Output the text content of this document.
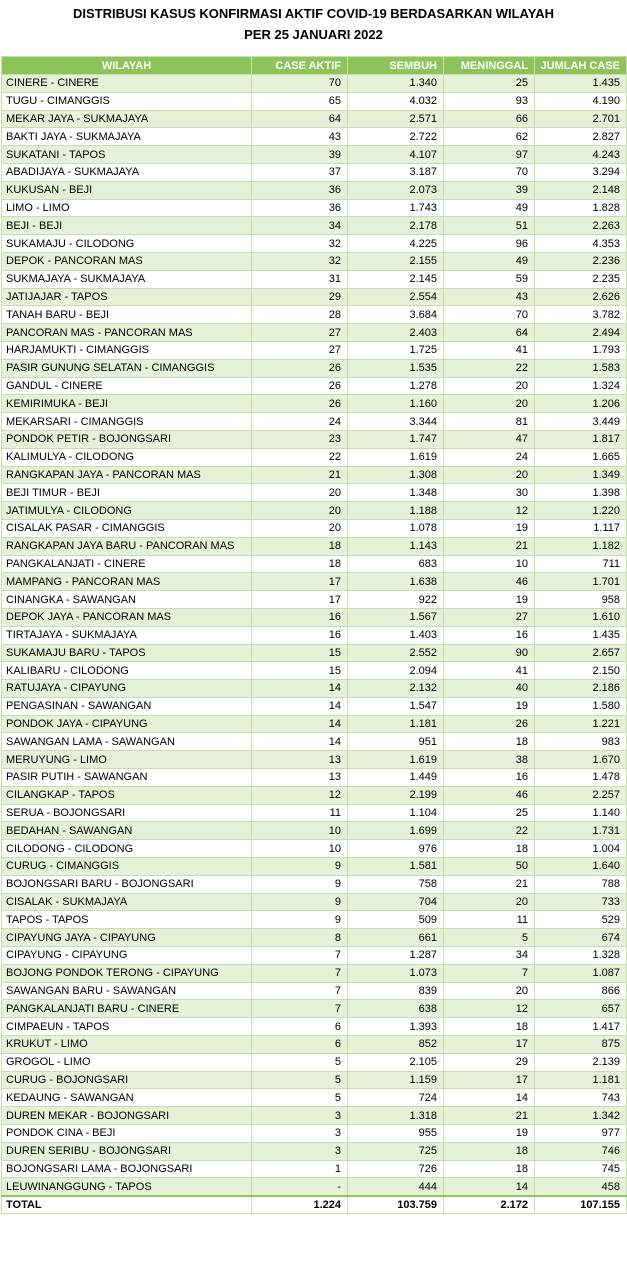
DISTRIBUSI KASUS KONFIRMASI AKTIF COVID-19 BERDASARKAN WILAYAH
PER 25 JANUARI 2022
WILAYAH	CASE AKTIF	SEMBUH	MENINGGAL	JUMLAH CASE
CINERE - CINERE	70	1.340	25	1.435
TUGU - CIMANGGIS	65	4.032	93	4.190
MEKAR JAYA - SUKMAJAYA	64	2.571	66	2.701
BAKTI JAYA - SUKMAJAYA	43	2.722	62	2.827
SUKATANI - TAPOS	39	4.107	97	4.243
ABADIJAYA - SUKMAJAYA	37	3.187	70	3.294
KUKUSAN - BEJI	36	2.073	39	2.148
LIMO - LIMO	36	1.743	49	1.828
BEJI - BEJI	34	2.178	51	2.263
SUKAMAJU - CILODONG	32	4.225	96	4.353
DEPOK - PANCORAN MAS	32	2.155	49	2.236
SUKMAJAYA - SUKMAJAYA	31	2.145	59	2.235
JATIJAJAR - TAPOS	29	2.554	43	2.626
TANAH BARU - BEJI	28	3.684	70	3.782
PANCORAN MAS - PANCORAN MAS	27	2.403	64	2.494
HARJAMUKTI - CIMANGGIS	27	1.725	41	1.793
PASIR GUNUNG SELATAN - CIMANGGIS	26	1.535	22	1.583
GANDUL - CINERE	26	1.278	20	1.324
KEMIRIMUKA - BEJI	26	1.160	20	1.206
MEKARSARI - CIMANGGIS	24	3.344	81	3.449
PONDOK PETIR - BOJONGSARI	23	1.747	47	1.817
KALIMULYA - CILODONG	22	1.619	24	1.665
RANGKAPAN JAYA - PANCORAN MAS	21	1.308	20	1.349
BEJI TIMUR - BEJI	20	1.348	30	1.398
JATIMULYA - CILODONG	20	1.188	12	1.220
CISALAK PASAR - CIMANGGIS	20	1.078	19	1.117
RANGKAPAN JAYA BARU - PANCORAN MAS	18	1.143	21	1.182
PANGKALANJATI - CINERE	18	683	10	711
MAMPANG - PANCORAN MAS	17	1.638	46	1.701
CINANGKA - SAWANGAN	17	922	19	958
DEPOK JAYA - PANCORAN MAS	16	1.567	27	1.610
TIRTAJAYA - SUKMAJAYA	16	1.403	16	1.435
SUKAMAJU BARU - TAPOS	15	2.552	90	2.657
KALIBARU - CILODONG	15	2.094	41	2.150
RATUJAYA - CIPAYUNG	14	2.132	40	2.186
PENGASINAN - SAWANGAN	14	1.547	19	1.580
PONDOK JAYA - CIPAYUNG	14	1.181	26	1.221
SAWANGAN LAMA - SAWANGAN	14	951	18	983
MERUYUNG - LIMO	13	1.619	38	1.670
PASIR PUTIH - SAWANGAN	13	1.449	16	1.478
CILANGKAP - TAPOS	12	2.199	46	2.257
SERUA - BOJONGSARI	11	1.104	25	1.140
BEDAHAN - SAWANGAN	10	1.699	22	1.731
CILODONG - CILODONG	10	976	18	1.004
CURUG - CIMANGGIS	9	1.581	50	1.640
BOJONGSARI BARU - BOJONGSARI	9	758	21	788
CISALAK - SUKMAJAYA	9	704	20	733
TAPOS - TAPOS	9	509	11	529
CIPAYUNG JAYA - CIPAYUNG	8	661	5	674
CIPAYUNG - CIPAYUNG	7	1.287	34	1.328
BOJONG PONDOK TERONG - CIPAYUNG	7	1.073	7	1.087
SAWANGAN BARU - SAWANGAN	7	839	20	866
PANGKALANJATI BARU - CINERE	7	638	12	657
CIMPAEUN - TAPOS	6	1.393	18	1.417
KRUKUT - LIMO	6	852	17	875
GROGOL - LIMO	5	2.105	29	2.139
CURUG - BOJONGSARI	5	1.159	17	1.181
KEDAUNG - SAWANGAN	5	724	14	743
DUREN MEKAR - BOJONGSARI	3	1.318	21	1.342
PONDOK CINA - BEJI	3	955	19	977
DUREN SERIBU - BOJONGSARI	3	725	18	746
BOJONGSARI LAMA - BOJONGSARI	1	726	18	745
LEUWINANGGUNG - TAPOS	-	444	14	458
TOTAL	1.224	103.759	2.172	107.155
